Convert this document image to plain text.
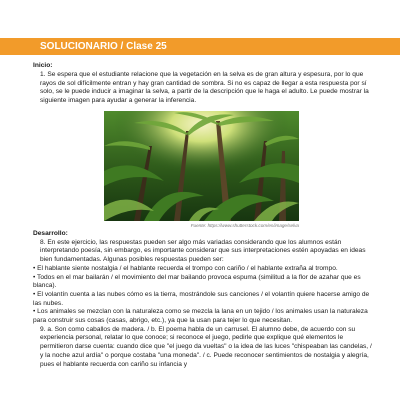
SOLUCIONARIO / Clase 25

Inicio:

1. Se espera que el estudiante relacione que la vegetación en la selva es de gran altura y espesura, por lo que rayos de sol difícilmente entran y hay gran cantidad de sombra. Si no es capaz de llegar a esta respuesta por sí solo, se le puede inducir a imaginar la selva, a partir de la descripción que le haga el adulto. Le puede mostrar la siguiente imagen para ayudar a generar la inferencia.

Fuente: https://www.shutterstock.com/es/image/selva

Desarrollo:

8. En este ejercicio, las respuestas pueden ser algo más variadas considerando que los alumnos están interpretando poesía, sin embargo, es importante considerar que sus interpretaciones estén apoyadas en ideas bien fundamentadas. Algunas posibles respuestas pueden ser:

• El hablante siente nostalgia / el hablante recuerda el trompo con cariño / el hablante extraña al trompo.

• Todos en el mar bailarán / el movimiento del mar bailando provoca espuma (similitud a la flor de azahar que es blanca).

• El volantín cuenta a las nubes cómo es la tierra, mostrándole sus canciones / el volantín quiere hacerse amigo de las nubes.

• Los animales se mezclan con la naturaleza como se mezcla la lana en un tejido / los animales usan la naturaleza para construir sus cosas (casas, abrigo, etc.), ya que la usan para tejer lo que necesitan.

9. a. Son como caballos de madera. / b. El poema habla de un carrusel. El alumno debe, de acuerdo con su experiencia personal, relatar lo que conoce; si reconoce el juego, pedirle que explique qué elementos le permitieron darse cuenta: cuando dice que "el juego da vueltas" o la idea de las luces "chispeaban las candelas, / y la noche azul ardía" o porque costaba "una moneda". / c. Puede reconocer sentimientos de nostalgia y alegría, pues el hablante recuerda con cariño su infancia y
